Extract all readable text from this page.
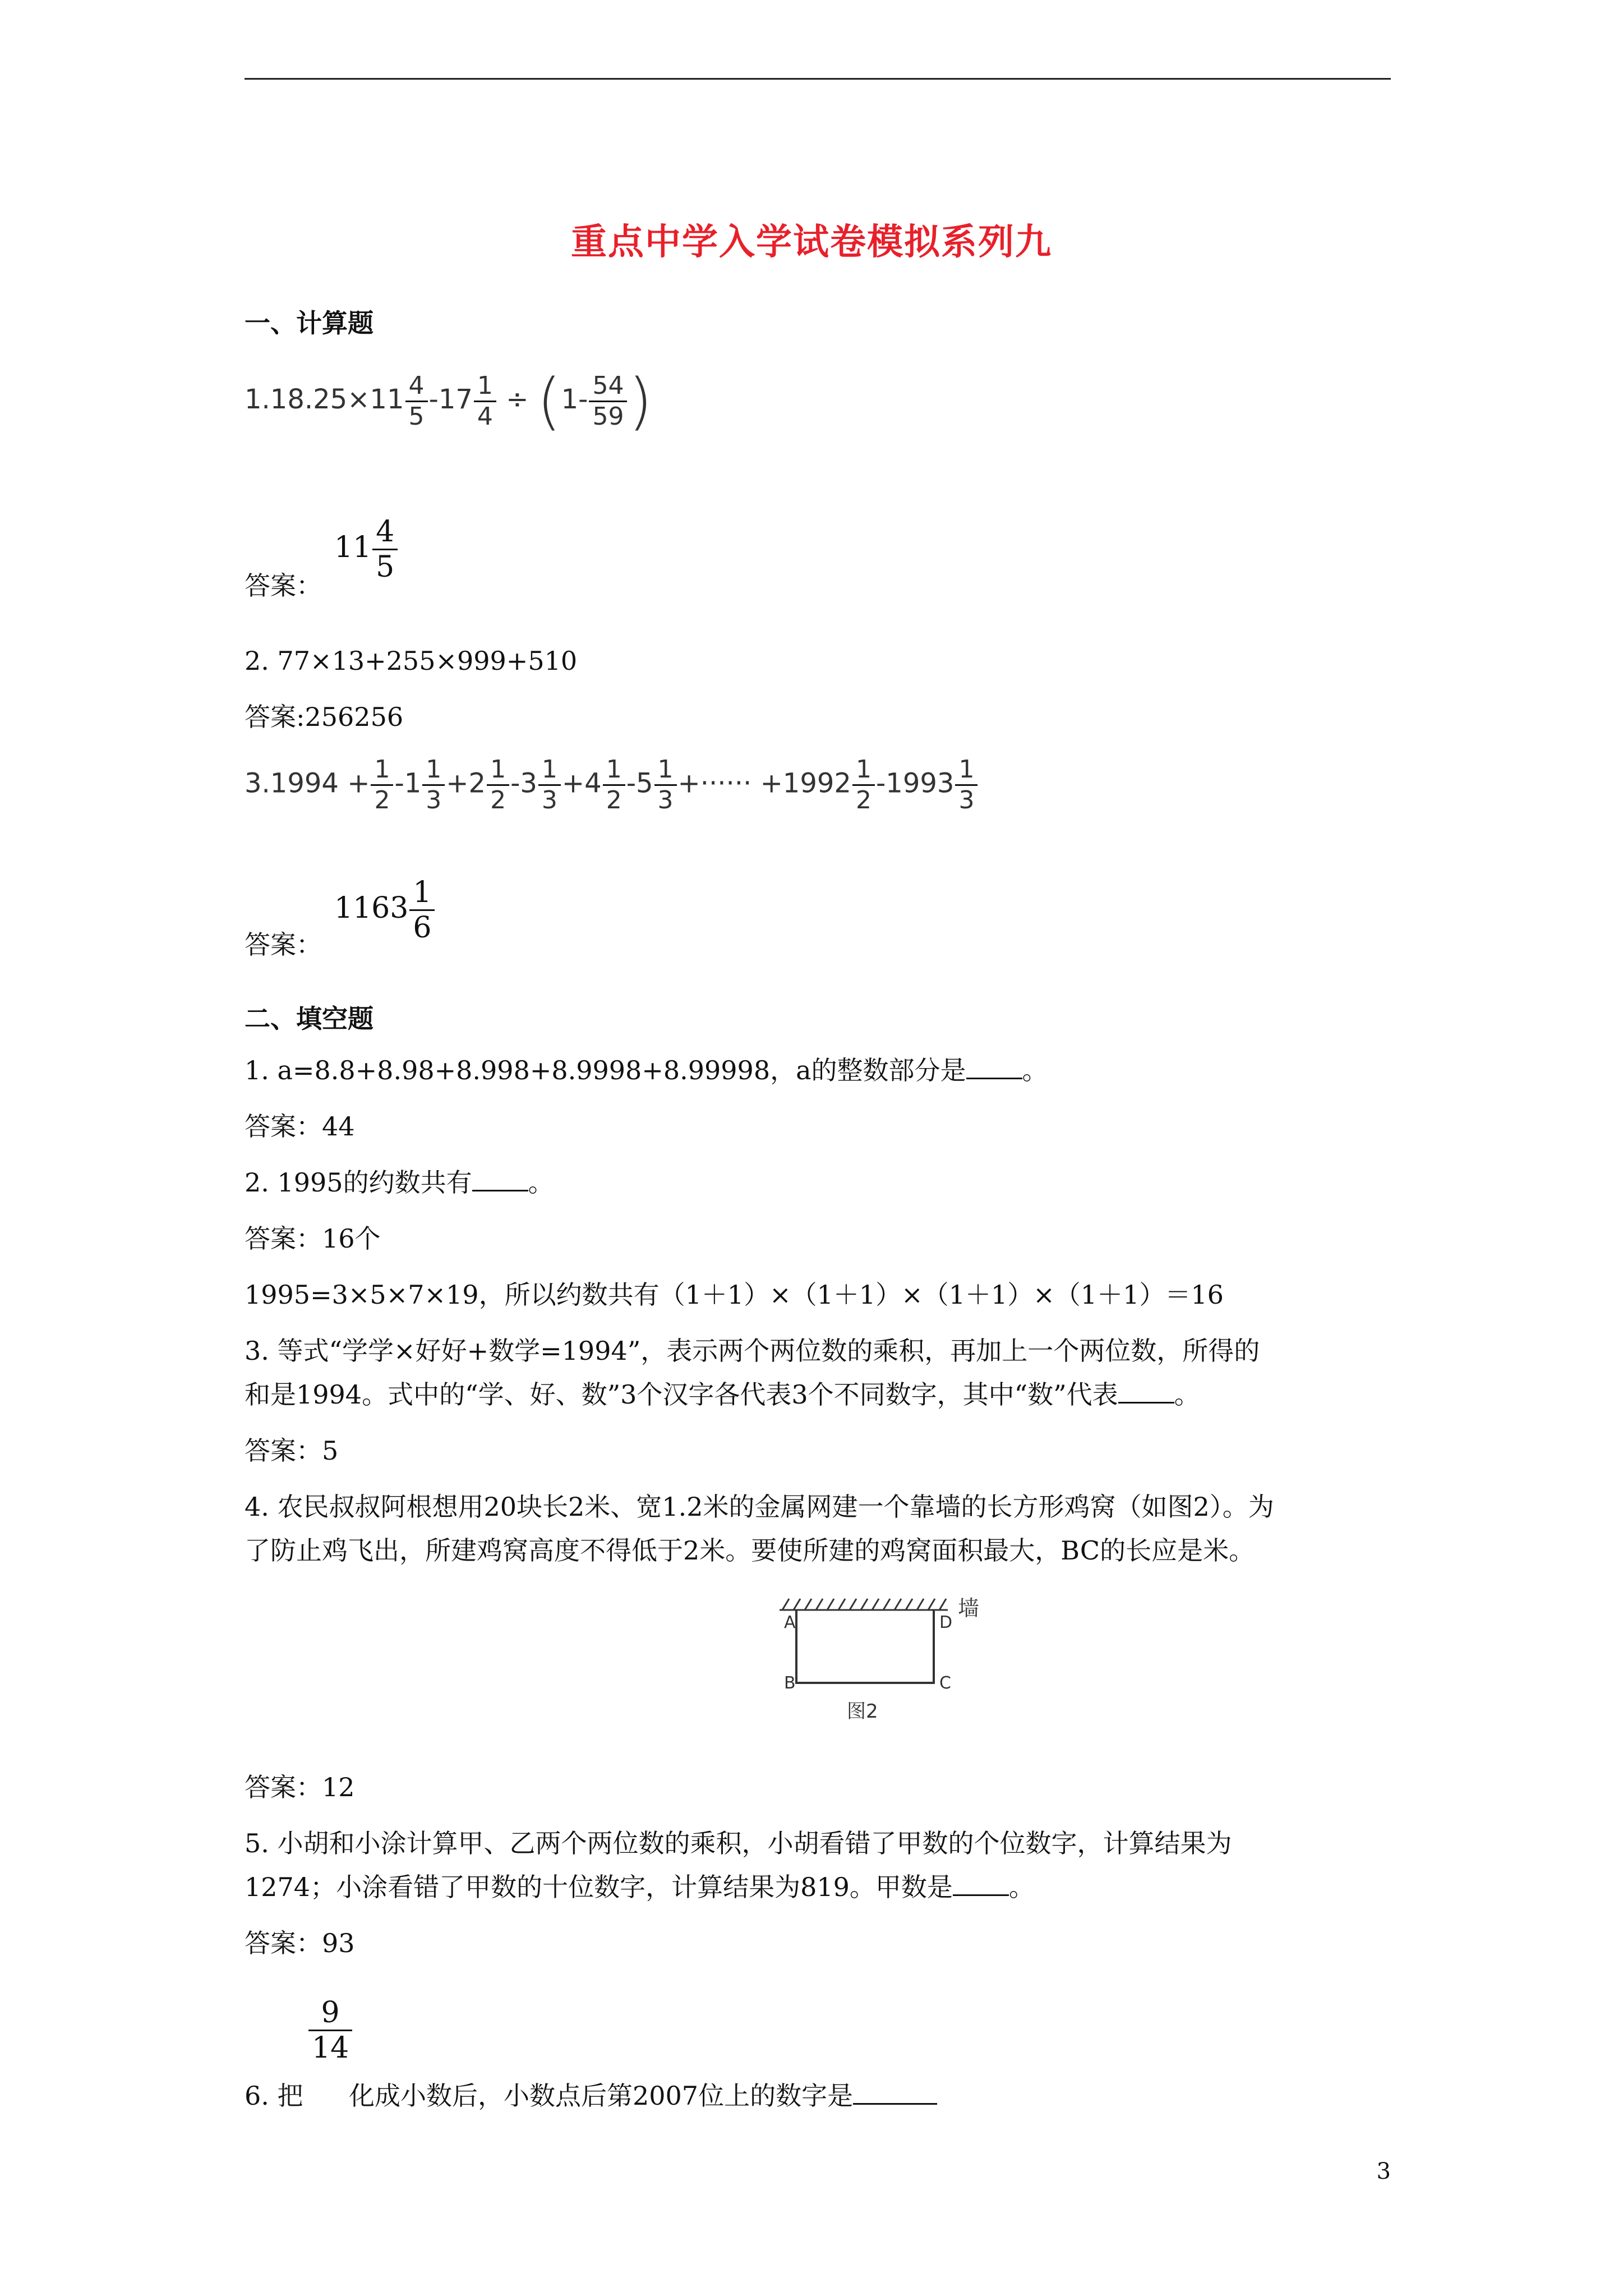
重点中学入学试卷模拟系列九
一、计算题
$1.18.25\times 11 \frac{4}{5} -17 \frac{1}{4} \div (1- \frac{54}{59}$ )
答案：
$11 \frac{4}{5}$
2. 77×13+255×999+510
答案:256256
$3.1994 + \frac{1}{2} -1 \frac{1}{3} +2 \frac{1}{2} -3 \frac{1}{3} +4 \frac{1}{2} -5 \frac{1}{3}$ +······ $+1992 \frac{1}{2} -1993 \frac{1}{3}$
答案：
$1163 \frac{1}{6}$
二、填空题
1. a=8.8+8.98+8.998+8.9998+8.99998，a的整数部分是 。
答案：44
2. 1995的约数共有 。
答案：16个
1995=3×5×7×19，所以约数共有（1＋1）×（1＋1）×（1＋1）×（1＋1）＝16
3. 等式“学学×好好+数学=1994”，表示两个两位数的乘积，再加上一个两位数，所得的
和是1994。式中的“学、好、数”3个汉字各代表3个不同数字，其中“数”代表 。
答案：5
4. 农民叔叔阿根想用20块长2米、宽1.2米的金属网建一个靠墙的长方形鸡窝（如图2）。为
了防止鸡飞出，所建鸡窝高度不得低于2米。要使所建的鸡窝面积最大，BC的长应是米。
A
B	C
D
墙
图2
答案：12
5. 小胡和小涂计算甲、乙两个两位数的乘积，小胡看错了甲数的个位数字，计算结果为
1274；小涂看错了甲数的十位数字，计算结果为819。甲数是 。
答案：93
6. 把
$\frac{9}{14}$
化成小数后，小数点后第2007位上的数字是
3
